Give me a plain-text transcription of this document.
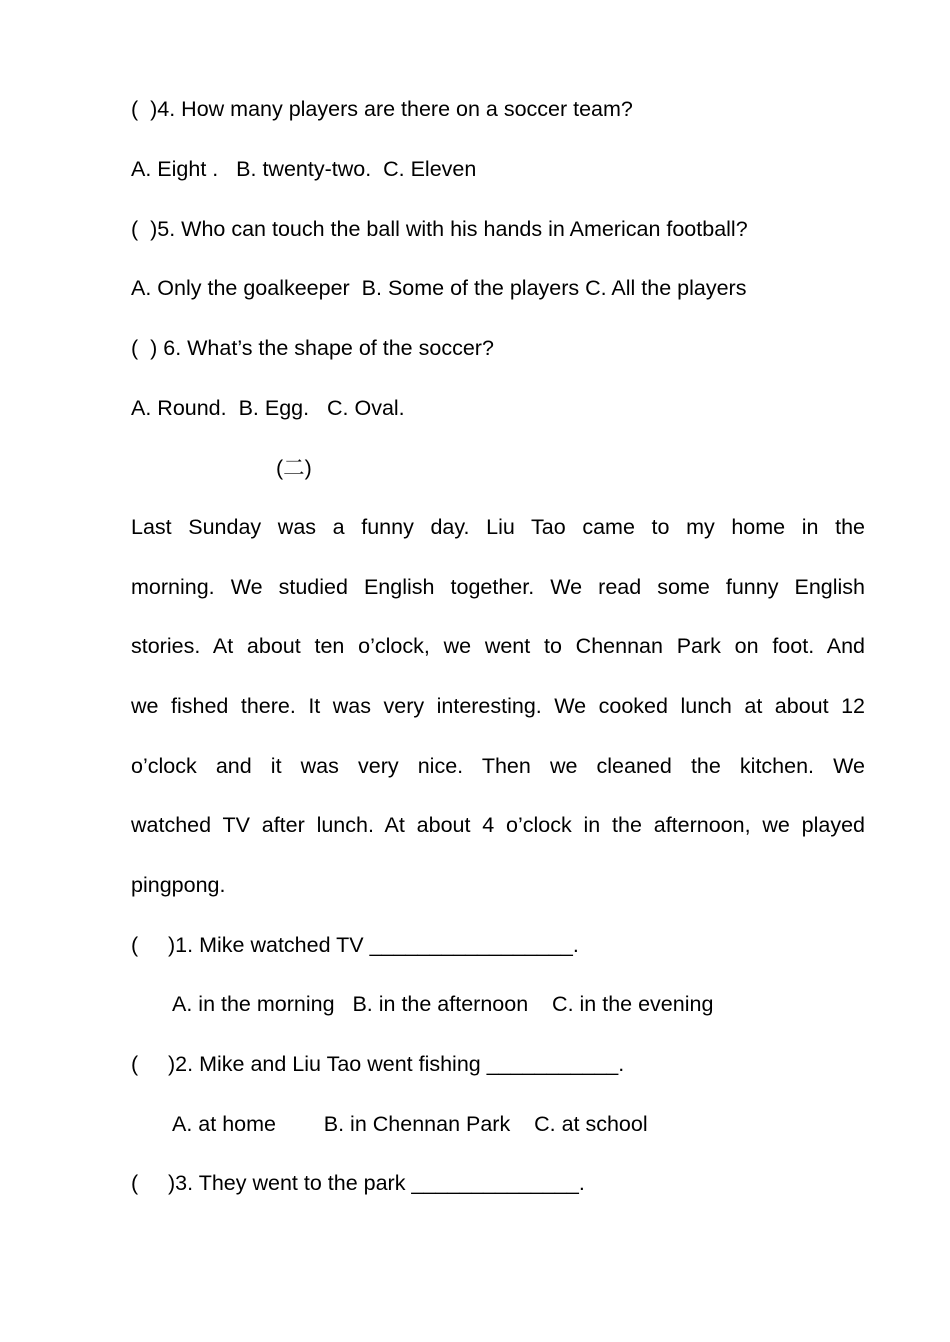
(  )4. How many players are there on a soccer team?
A. Eight .   B. twenty-two.  C. Eleven
(  )5. Who can touch the ball with his hands in American football?
A. Only the goalkeeper  B. Some of the players C. All the players
(  ) 6. What’s the shape of the soccer?
A. Round.  B. Egg.   C. Oval.
(二)
Last Sunday was a funny day. Liu Tao came to my home in the
morning. We studied English together. We read some funny English
stories. At about ten o’clock, we went to Chennan Park on foot. And
we fished there. It was very interesting. We cooked lunch at about 12
o’clock and it was very nice. Then we cleaned the kitchen. We
watched TV after lunch. At about 4 o’clock in the afternoon, we played
pingpong.
(     )1. Mike watched TV _________________.
A. in the morning   B. in the afternoon    C. in the evening
(     )2. Mike and Liu Tao went fishing ___________.
A. at home        B. in Chennan Park    C. at school
(     )3. They went to the park ______________.
